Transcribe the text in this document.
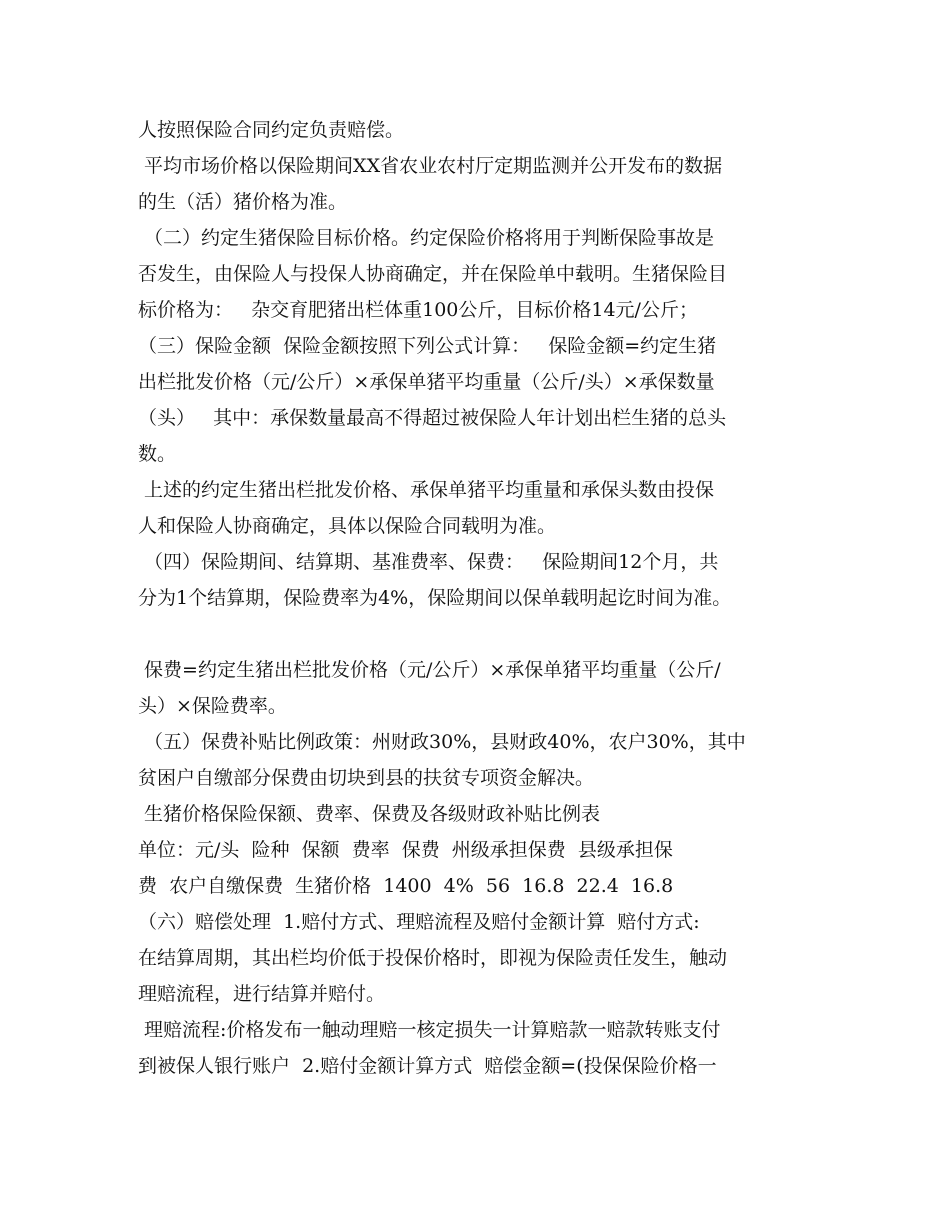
人按照保险合同约定负责赔偿。
平均市场价格以保险期间XX省农业农村厅定期监测并公开发布的数据
的生（活）猪价格为准。
（二）约定生猪保险目标价格。约定保险价格将用于判断保险事故是
否发生，由保险人与投保人协商确定，并在保险单中载明。生猪保险目
标价格为：   杂交育肥猪出栏体重100公斤，目标价格14元/公斤；
（三）保险金额  保险金额按照下列公式计算：   保险金额=约定生猪
出栏批发价格（元/公斤）×承保单猪平均重量（公斤/头）×承保数量
（头）   其中：承保数量最高不得超过被保险人年计划出栏生猪的总头
数。
上述的约定生猪出栏批发价格、承保单猪平均重量和承保头数由投保
人和保险人协商确定，具体以保险合同载明为准。
（四）保险期间、结算期、基准费率、保费：   保险期间12个月，共
分为1个结算期，保险费率为4%，保险期间以保单载明起讫时间为准。
保费=约定生猪出栏批发价格（元/公斤）×承保单猪平均重量（公斤/
头）×保险费率。
（五）保费补贴比例政策：州财政30%，县财政40%，农户30%，其中
贫困户自缴部分保费由切块到县的扶贫专项资金解决。
生猪价格保险保额、费率、保费及各级财政补贴比例表
单位：元/头  险种  保额  费率  保费  州级承担保费  县级承担保
费  农户自缴保费  生猪价格  1400  4%  56  16.8  22.4  16.8
（六）赔偿处理  1.赔付方式、理赔流程及赔付金额计算  赔付方式:
在结算周期，其出栏均价低于投保价格时，即视为保险责任发生，触动
理赔流程，进行结算并赔付。
理赔流程:价格发布一触动理赔一核定损失一计算赔款一赔款转账支付
到被保人银行账户  2.赔付金额计算方式  赔偿金额=(投保保险价格一
